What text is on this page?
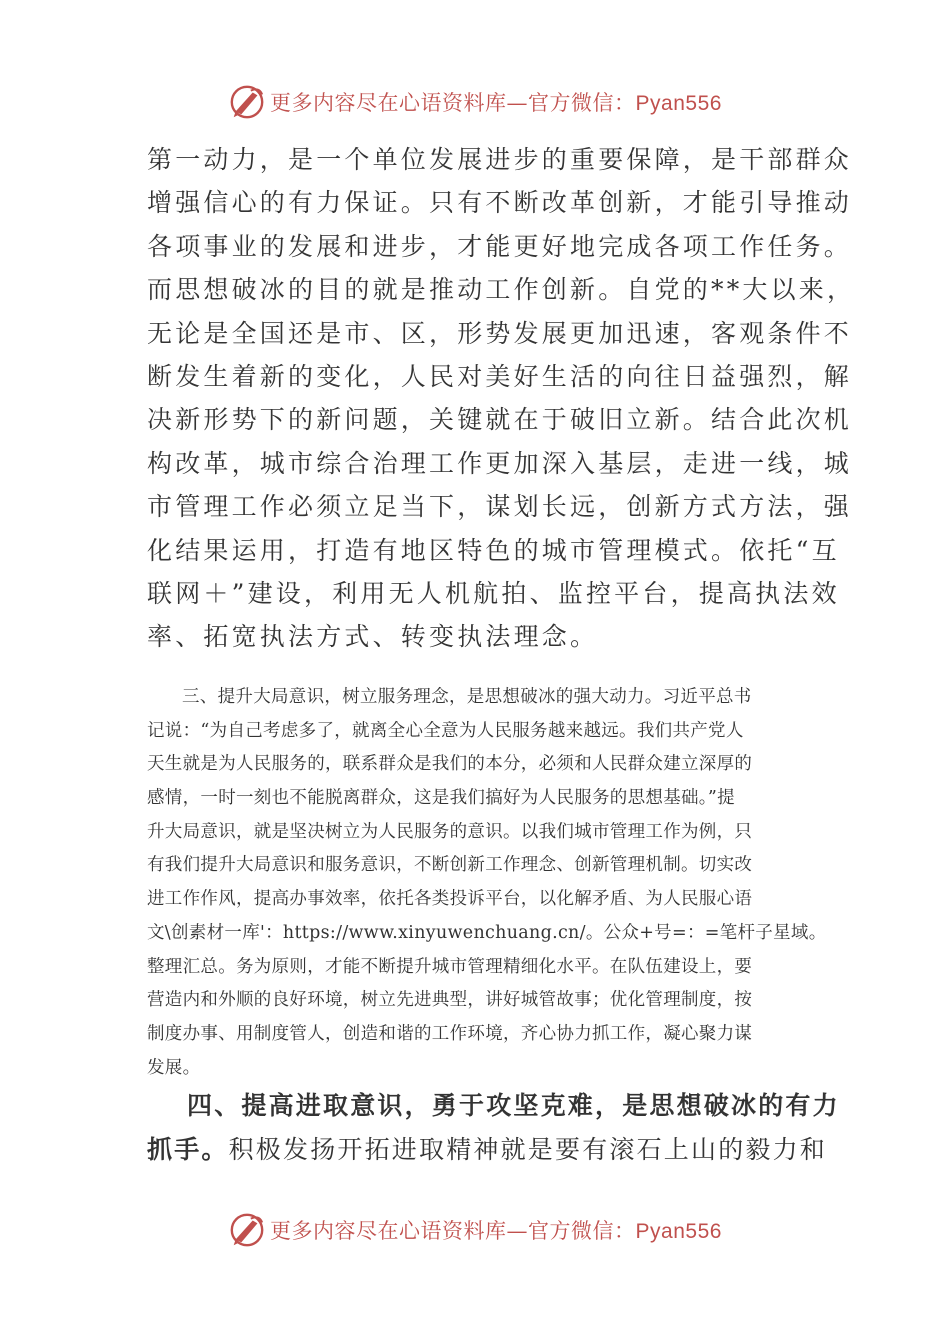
更多内容尽在心语资料库—官方微信：Pyan556
第一动力，是一个单位发展进步的重要保障，是干部群众
增强信心的有力保证。只有不断改革创新，才能引导推动
各项事业的发展和进步，才能更好地完成各项工作任务。
而思想破冰的目的就是推动工作创新。自党的**大以来，
无论是全国还是市、区，形势发展更加迅速，客观条件不
断发生着新的变化，人民对美好生活的向往日益强烈，解
决新形势下的新问题，关键就在于破旧立新。结合此次机
构改革，城市综合治理工作更加深入基层，走进一线，城
市管理工作必须立足当下，谋划长远，创新方式方法，强
化结果运用，打造有地区特色的城市管理模式。依托“互
联网＋”建设，利用无人机航拍、监控平台，提高执法效
率、拓宽执法方式、转变执法理念。
三、提升大局意识，树立服务理念，是思想破冰的强大动力。习近平总书
记说：“为自己考虑多了，就离全心全意为人民服务越来越远。我们共产党人
天生就是为人民服务的，联系群众是我们的本分，必须和人民群众建立深厚的
感情，一时一刻也不能脱离群众，这是我们搞好为人民服务的思想基础。”提
升大局意识，就是坚决树立为人民服务的意识。以我们城市管理工作为例，只
有我们提升大局意识和服务意识，不断创新工作理念、创新管理机制。切实改
进工作作风，提高办事效率，依托各类投诉平台，以化解矛盾、为人民服心语
文\创素材一库'：https://www.xinyuwenchuang.cn/。公众+号=：=笔杆子星域。
整理汇总。务为原则，才能不断提升城市管理精细化水平。在队伍建设上，要
营造内和外顺的良好环境，树立先进典型，讲好城管故事；优化管理制度，按
制度办事、用制度管人，创造和谐的工作环境，齐心协力抓工作，凝心聚力谋
发展。
四、提高进取意识，勇于攻坚克难，是思想破冰的有力
抓手。积极发扬开拓进取精神就是要有滚石上山的毅力和
更多内容尽在心语资料库—官方微信：Pyan556
